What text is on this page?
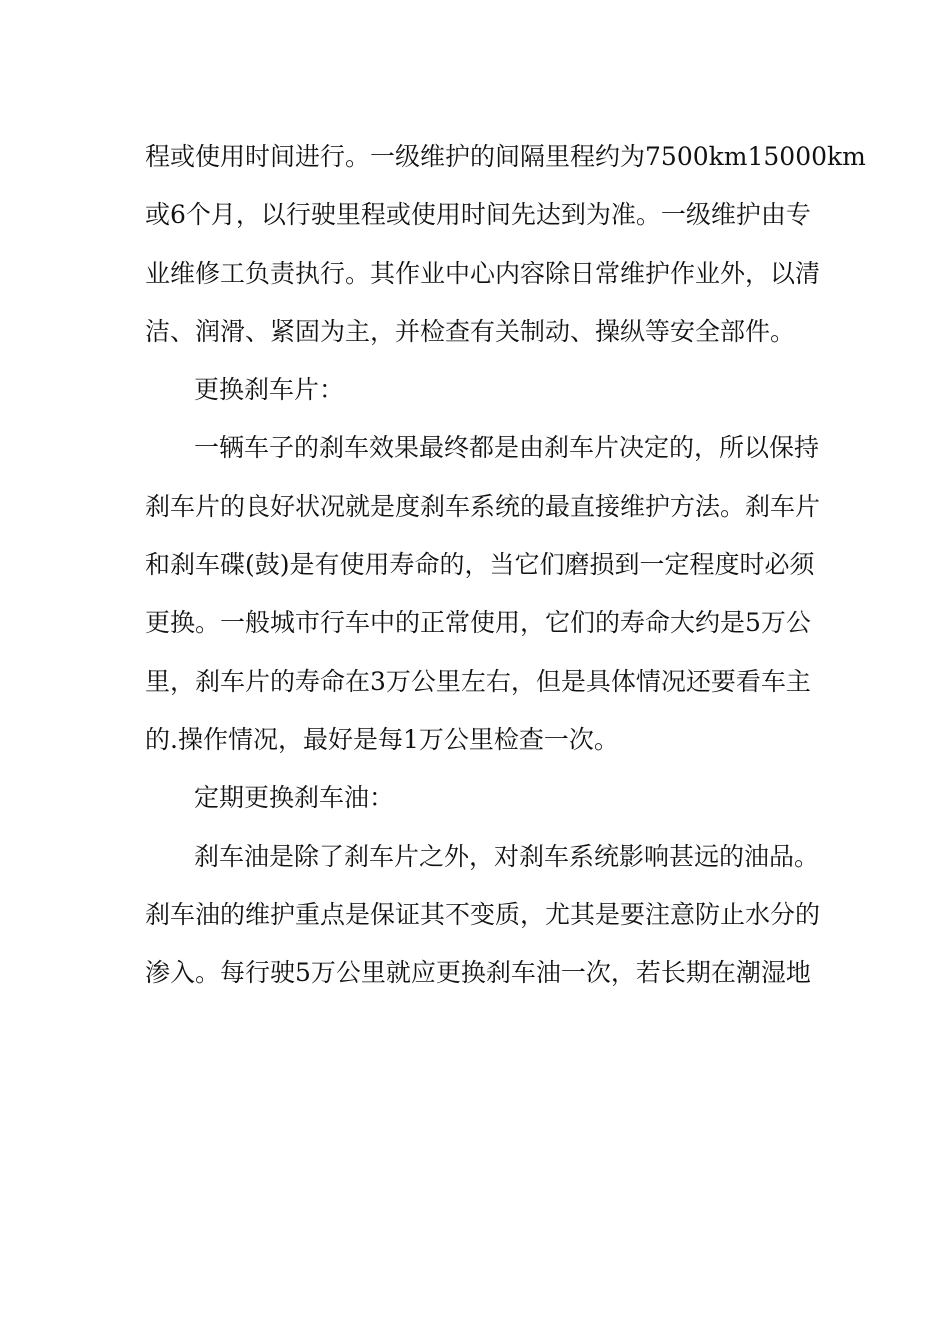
程或使用时间进行。一级维护的间隔里程约为7500km15000km
或6个月，以行驶里程或使用时间先达到为准。一级维护由专
业维修工负责执行。其作业中心内容除日常维护作业外，以清
洁、润滑、紧固为主，并检查有关制动、操纵等安全部件。
更换刹车片：
一辆车子的刹车效果最终都是由刹车片决定的，所以保持
刹车片的良好状况就是度刹车系统的最直接维护方法。刹车片
和刹车碟(鼓)是有使用寿命的，当它们磨损到一定程度时必须
更换。一般城市行车中的正常使用，它们的寿命大约是5万公
里，刹车片的寿命在3万公里左右，但是具体情况还要看车主
的.操作情况，最好是每1万公里检查一次。
定期更换刹车油：
刹车油是除了刹车片之外，对刹车系统影响甚远的油品。
刹车油的维护重点是保证其不变质，尤其是要注意防止水分的
渗入。每行驶5万公里就应更换刹车油一次，若长期在潮湿地
